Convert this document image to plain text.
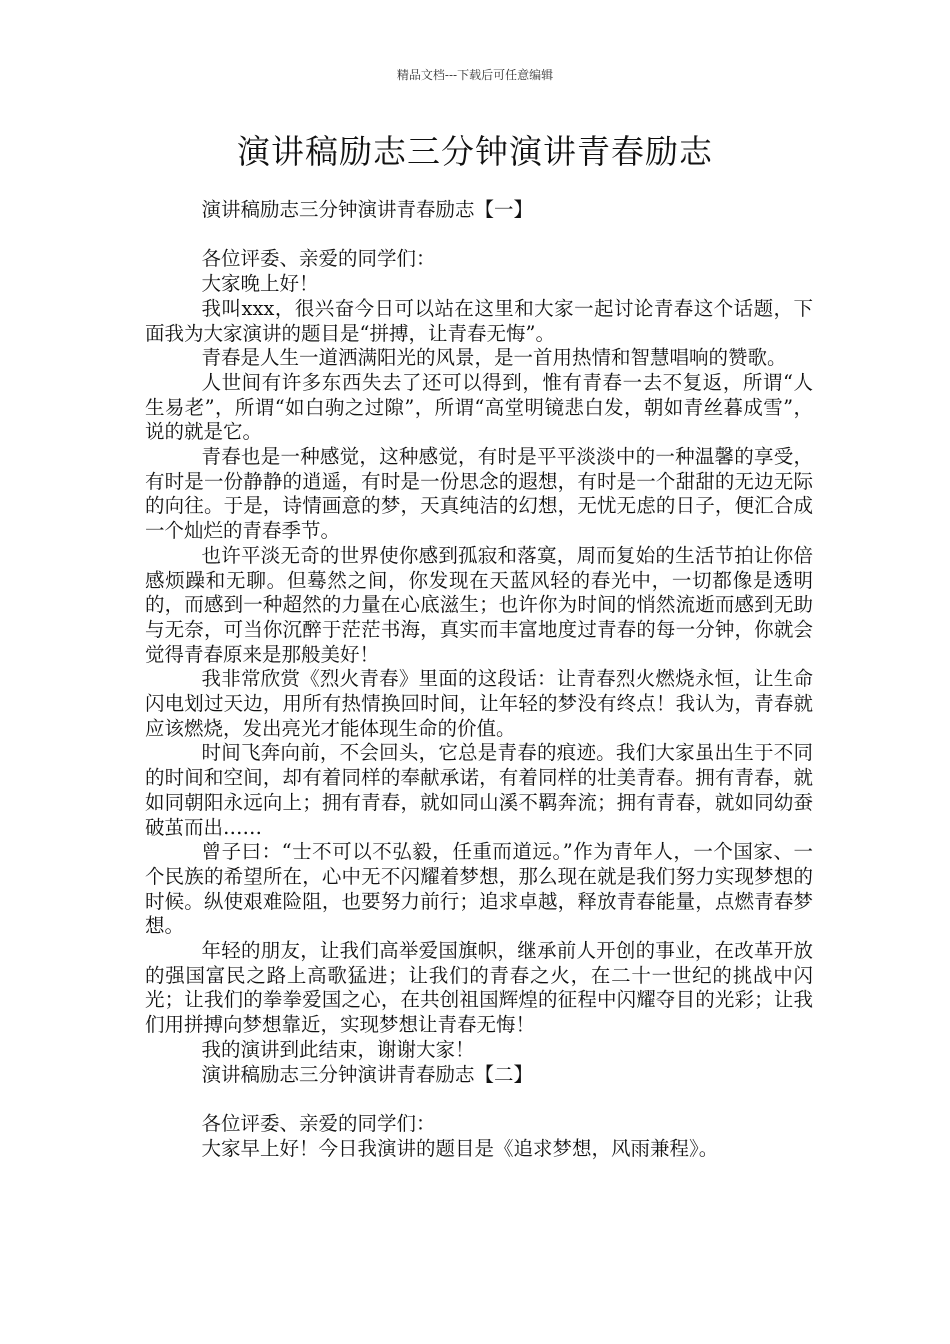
精品文档---下载后可任意编辑
演讲稿励志三分钟演讲青春励志

演讲稿励志三分钟演讲青春励志【一】

各位评委、亲爱的同学们：

大家晚上好！

我叫xxx，很兴奋今日可以站在这里和大家一起讨论青春这个话题，下面我为大家演讲的题目是“拼搏，让青春无悔”。

青春是人生一道洒满阳光的风景，是一首用热情和智慧唱响的赞歌。

人世间有许多东西失去了还可以得到，惟有青春一去不复返，所谓“人生易老”，所谓“如白驹之过隙”，所谓“高堂明镜悲白发，朝如青丝暮成雪”，说的就是它。

青春也是一种感觉，这种感觉，有时是平平淡淡中的一种温馨的享受，有时是一份静静的逍遥，有时是一份思念的遐想，有时是一个甜甜的无边无际的向往。于是，诗情画意的梦，天真纯洁的幻想，无忧无虑的日子，便汇合成一个灿烂的青春季节。

也许平淡无奇的世界使你感到孤寂和落寞，周而复始的生活节拍让你倍感烦躁和无聊。但蓦然之间，你发现在天蓝风轻的春光中，一切都像是透明的，而感到一种超然的力量在心底滋生；也许你为时间的悄然流逝而感到无助与无奈，可当你沉醉于茫茫书海，真实而丰富地度过青春的每一分钟，你就会觉得青春原来是那般美好！

我非常欣赏《烈火青春》里面的这段话：让青春烈火燃烧永恒，让生命闪电划过天边，用所有热情换回时间，让年轻的梦没有终点！我认为，青春就应该燃烧，发出亮光才能体现生命的价值。

时间飞奔向前，不会回头，它总是青春的痕迹。我们大家虽出生于不同的时间和空间，却有着同样的奉献承诺，有着同样的壮美青春。拥有青春，就如同朝阳永远向上；拥有青春，就如同山溪不羁奔流；拥有青春，就如同幼蚕破茧而出……

曾子曰：“士不可以不弘毅，任重而道远。”作为青年人，一个国家、一个民族的希望所在，心中无不闪耀着梦想，那么现在就是我们努力实现梦想的时候。纵使艰难险阻，也要努力前行；追求卓越，释放青春能量，点燃青春梦想。

年轻的朋友，让我们高举爱国旗帜，继承前人开创的事业，在改革开放的强国富民之路上高歌猛进；让我们的青春之火，在二十一世纪的挑战中闪光；让我们的拳拳爱国之心，在共创祖国辉煌的征程中闪耀夺目的光彩；让我们用拼搏向梦想靠近，实现梦想让青春无悔！

我的演讲到此结束，谢谢大家！

演讲稿励志三分钟演讲青春励志【二】

各位评委、亲爱的同学们：

大家早上好！今日我演讲的题目是《追求梦想，风雨兼程》。
